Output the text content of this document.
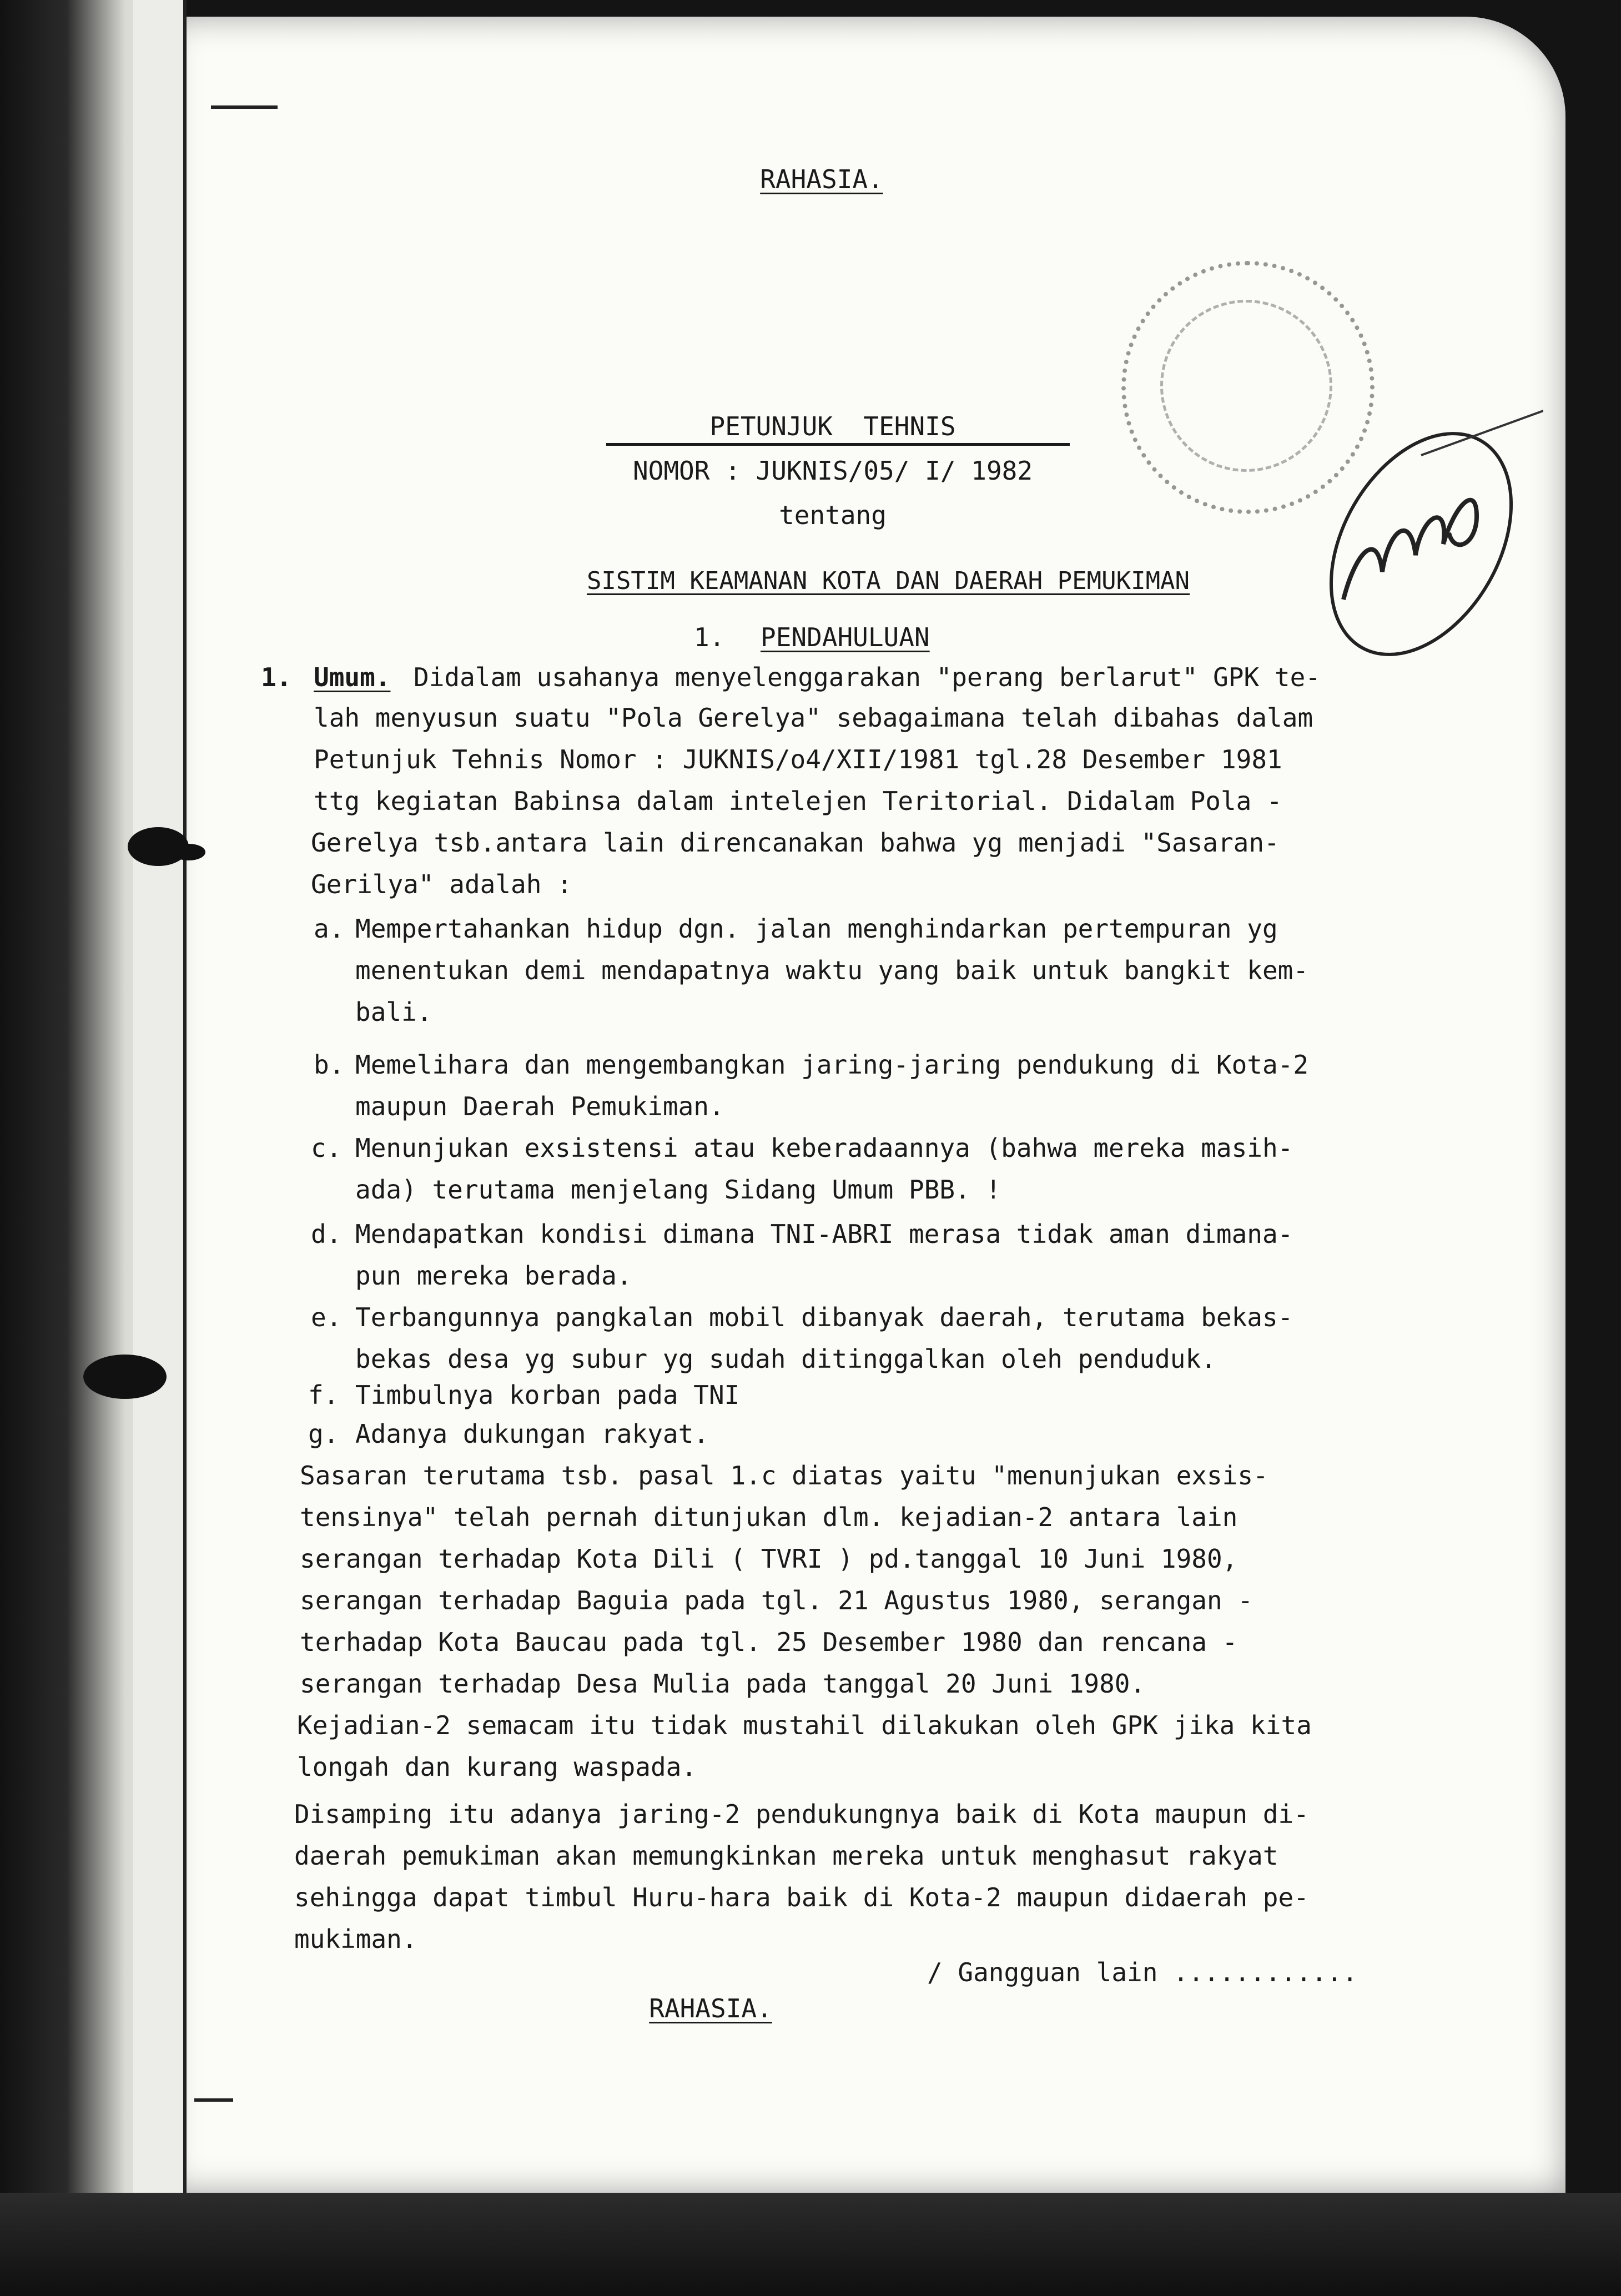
RAHASIA.
PETUNJUK  TEHNIS
NOMOR : JUKNIS/05/ I/ 1982
tentang
SISTIM KEAMANAN KOTA DAN DAERAH PEMUKIMAN
1. PENDAHULUAN
1. Umum. Didalam usahanya menyelenggarakan "perang berlarut" GPK te-
lah menyusun suatu "Pola Gerelya" sebagaimana telah dibahas dalam
Petunjuk Tehnis Nomor : JUKNIS/o4/XII/1981 tgl.28 Desember 1981
ttg kegiatan Babinsa dalam intelejen Teritorial. Didalam Pola -
Gerelya tsb.antara lain direncanakan bahwa yg menjadi "Sasaran-
Gerilya" adalah :
a. Mempertahankan hidup dgn. jalan menghindarkan pertempuran yg
menentukan demi mendapatnya waktu yang baik untuk bangkit kem-
bali.
b. Memelihara dan mengembangkan jaring-jaring pendukung di Kota-2
maupun Daerah Pemukiman.
c. Menunjukan exsistensi atau keberadaannya (bahwa mereka masih-
ada) terutama menjelang Sidang Umum PBB. !
d. Mendapatkan kondisi dimana TNI-ABRI merasa tidak aman dimana-
pun mereka berada.
e. Terbangunnya pangkalan mobil dibanyak daerah, terutama bekas-
bekas desa yg subur yg sudah ditinggalkan oleh penduduk.
f. Timbulnya korban pada TNI
g. Adanya dukungan rakyat.
Sasaran terutama tsb. pasal 1.c diatas yaitu "menunjukan exsis-
tensinya" telah pernah ditunjukan dlm. kejadian-2 antara lain
serangan terhadap Kota Dili ( TVRI ) pd.tanggal 10 Juni 1980,
serangan terhadap Baguia pada tgl. 21 Agustus 1980, serangan -
terhadap Kota Baucau pada tgl. 25 Desember 1980 dan rencana -
serangan terhadap Desa Mulia pada tanggal 20 Juni 1980.
Kejadian-2 semacam itu tidak mustahil dilakukan oleh GPK jika kita
longah dan kurang waspada.
Disamping itu adanya jaring-2 pendukungnya baik di Kota maupun di-
daerah pemukiman akan memungkinkan mereka untuk menghasut rakyat
sehingga dapat timbul Huru-hara baik di Kota-2 maupun didaerah pe-
mukiman.
/ Gangguan lain ............
RAHASIA.
